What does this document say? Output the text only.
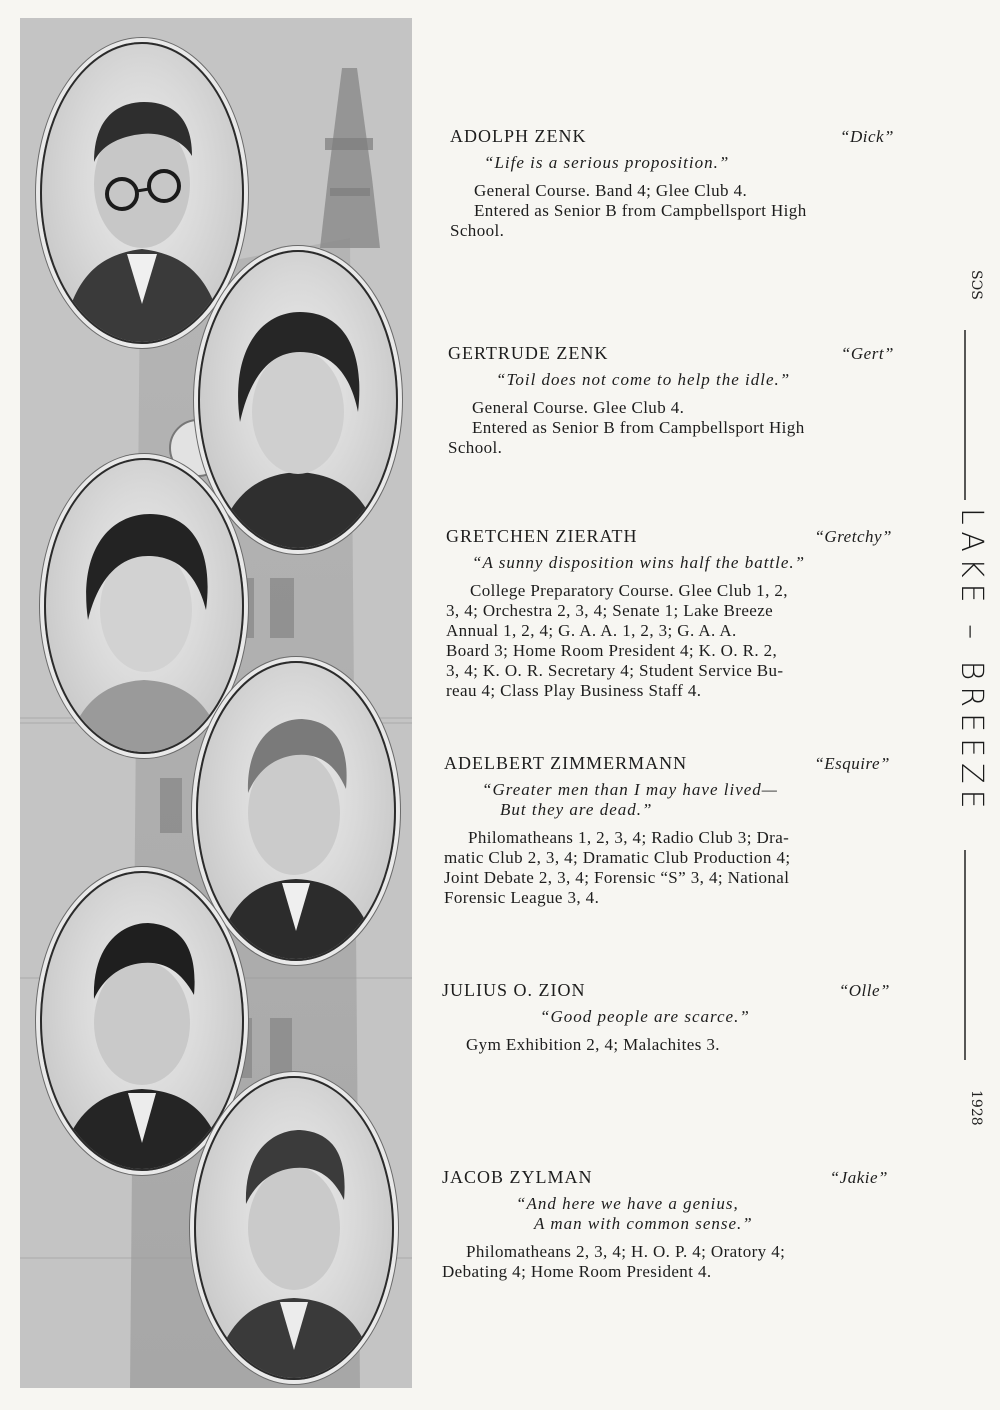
ADOLPH ZENK	“Dick”
“Life is a serious proposition.”
General Course. Band 4; Glee Club 4.
Entered as Senior B from Campbellsport High
School.
GERTRUDE ZENK	“Gert”
“Toil does not come to help the idle.”
General Course. Glee Club 4.
Entered as Senior B from Campbellsport High
School.
GRETCHEN ZIERATH	“Gretchy”
“A sunny disposition wins half the battle.”
College Preparatory Course. Glee Club 1, 2,
3, 4; Orchestra 2, 3, 4; Senate 1; Lake Breeze
Annual 1, 2, 4; G. A. A. 1, 2, 3; G. A. A.
Board 3; Home Room President 4; K. O. R. 2,
3, 4; K. O. R. Secretary 4; Student Service Bu-
reau 4; Class Play Business Staff 4.
ADELBERT ZIMMERMANN	“Esquire”
“Greater men than I may have lived—
But they are dead.”
Philomatheans 1, 2, 3, 4; Radio Club 3; Dra-
matic Club 2, 3, 4; Dramatic Club Production 4;
Joint Debate 2, 3, 4; Forensic “S” 3, 4; National
Forensic League 3, 4.
JULIUS O. ZION	“Olle”
“Good people are scarce.”
Gym Exhibition 2, 4; Malachites 3.
JACOB ZYLMAN	“Jakie”
“And here we have a genius,
A man with common sense.”
Philomatheans 2, 3, 4; H. O. P. 4; Oratory 4;
Debating 4; Home Room President 4.
SƆS
LAKE – BREEZE
1928
